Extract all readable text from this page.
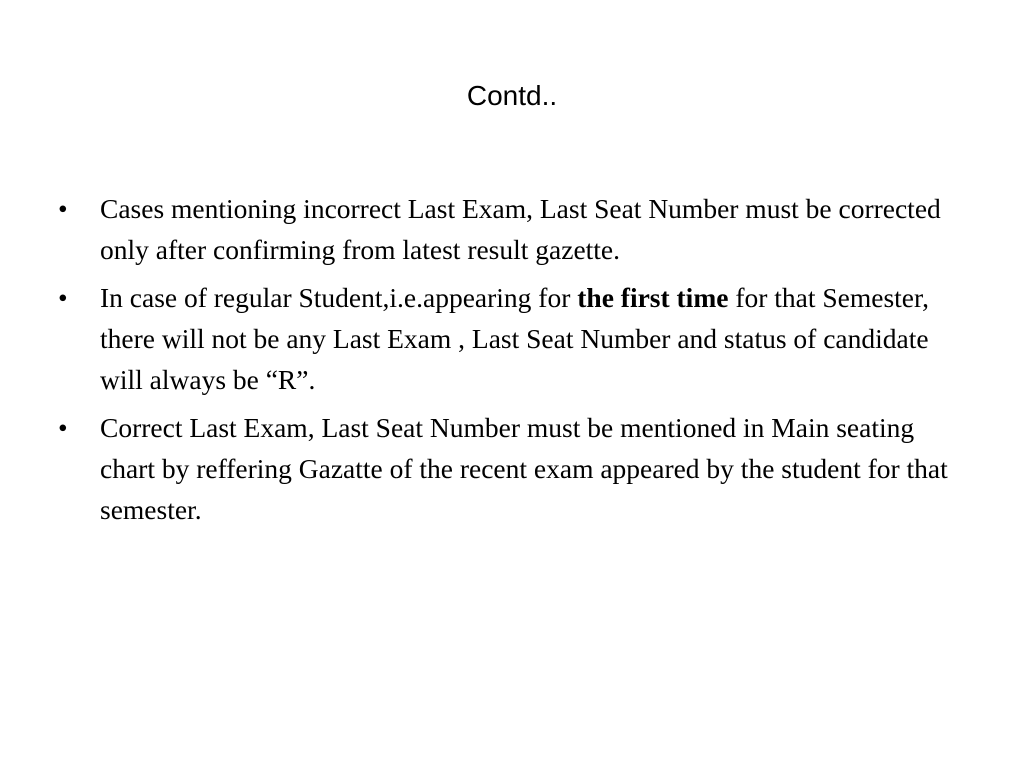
Contd..
•	Cases mentioning incorrect Last Exam, Last Seat Number must be corrected only after confirming from latest result gazette.
•	In case of regular Student,i.e.appearing for the first time for that Semester, there will not be any Last Exam , Last Seat Number and status of candidate will always be “R”.
•	Correct Last Exam, Last Seat Number must be mentioned in Main seating chart by reffering Gazatte of the recent exam appeared by the student for that semester.
